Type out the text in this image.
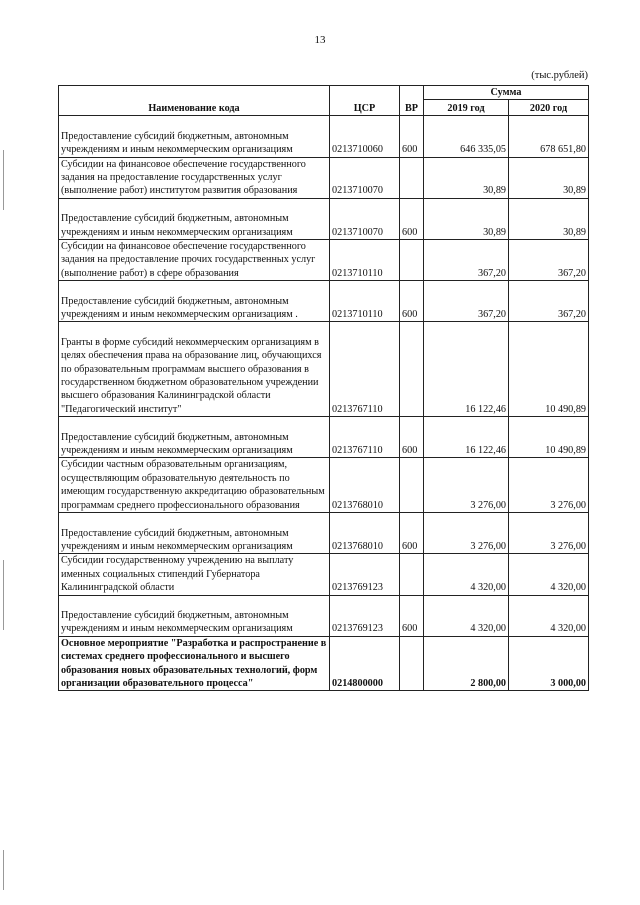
13
(тыс.рублей)
Наименование кода	ЦСР	ВР	Сумма	
			2019 год	2020 год

Предоставление субсидий бюджетным, автономным учреждениям и иным некоммерческим организациям	0213710060	600	646 335,05	678 651,80
Субсидии на финансовое обеспечение государственного задания на предоставление государственных услуг (выполнение работ) институтом развития образования	0213710070		30,89	30,89

Предоставление субсидий бюджетным, автономным учреждениям и иным некоммерческим организациям	0213710070	600	30,89	30,89
Субсидии на финансовое обеспечение государственного задания на предоставление прочих государственных услуг (выполнение работ) в сфере образования	0213710110		367,20	367,20

Предоставление субсидий бюджетным, автономным учреждениям и иным некоммерческим организациям .	0213710110	600	367,20	367,20

Гранты в форме субсидий некоммерческим организациям в целях обеспечения права на образование лиц, обучающихся по образовательным программам высшего образования в государственном бюджетном образовательном учреждении высшего образования Калининградской области "Педагогический институт"	0213767110		16 122,46	10 490,89

Предоставление субсидий бюджетным, автономным учреждениям и иным некоммерческим организациям	0213767110	600	16 122,46	10 490,89
Субсидии частным образовательным организациям, осуществляющим образовательную деятельность по имеющим государственную аккредитацию образовательным программам среднего профессионального образования	0213768010		3 276,00	3 276,00

Предоставление субсидий бюджетным, автономным учреждениям и иным некоммерческим организациям	0213768010	600	3 276,00	3 276,00
Субсидии государственному учреждению на выплату именных социальных стипендий Губернатора Калининградской области	0213769123		4 320,00	4 320,00

Предоставление субсидий бюджетным, автономным учреждениям и иным некоммерческим организациям	0213769123	600	4 320,00	4 320,00
Основное мероприятие "Разработка и распространение в системах среднего профессионального и высшего образования новых образовательных технологий, форм организации образовательного процесса"	0214800000		2 800,00	3 000,00
